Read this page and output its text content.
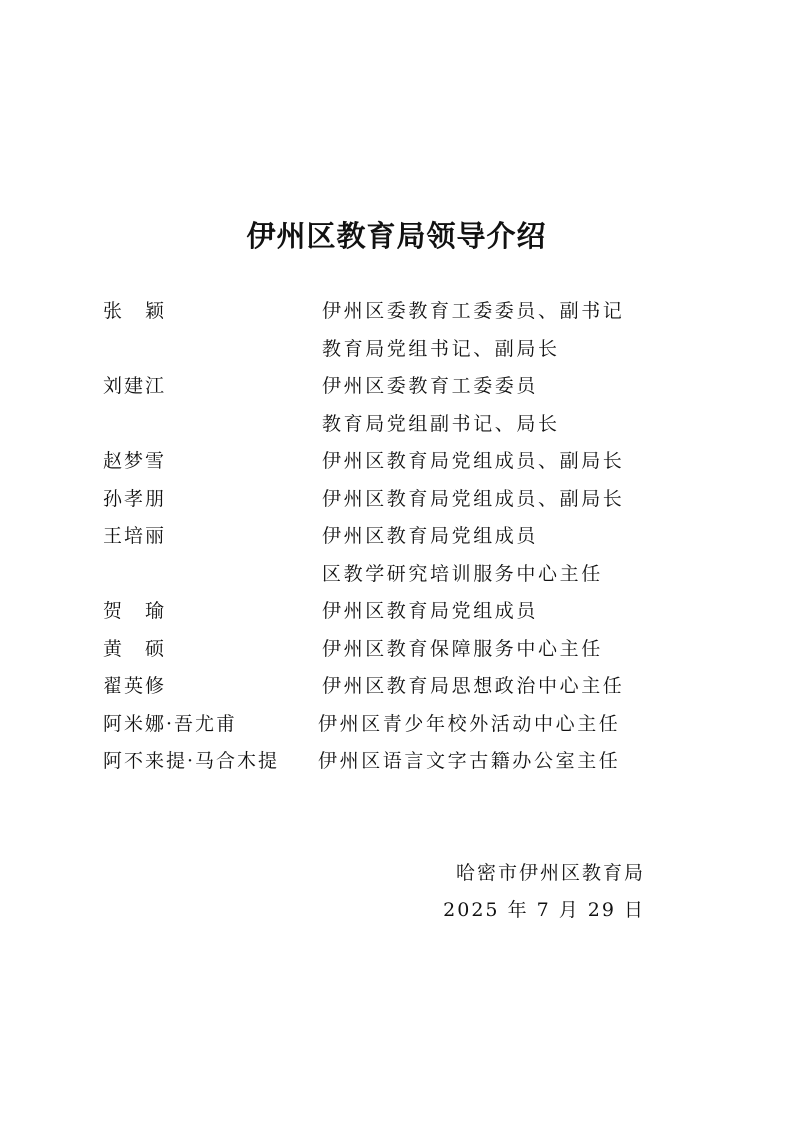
伊州区教育局领导介绍
张　颖	伊州区委教育工委委员、副书记
教育局党组书记、副局长
刘建江	伊州区委教育工委委员
教育局党组副书记、局长
赵梦雪	伊州区教育局党组成员、副局长
孙孝朋	伊州区教育局党组成员、副局长
王培丽	伊州区教育局党组成员
区教学研究培训服务中心主任
贺　瑜	伊州区教育局党组成员
黄　硕	伊州区教育保障服务中心主任
翟英修	伊州区教育局思想政治中心主任
阿米娜·吾尤甫	伊州区青少年校外活动中心主任
阿不来提·马合木提 伊州区语言文字古籍办公室主任
哈密市伊州区教育局
2025 年 7 月 29 日
